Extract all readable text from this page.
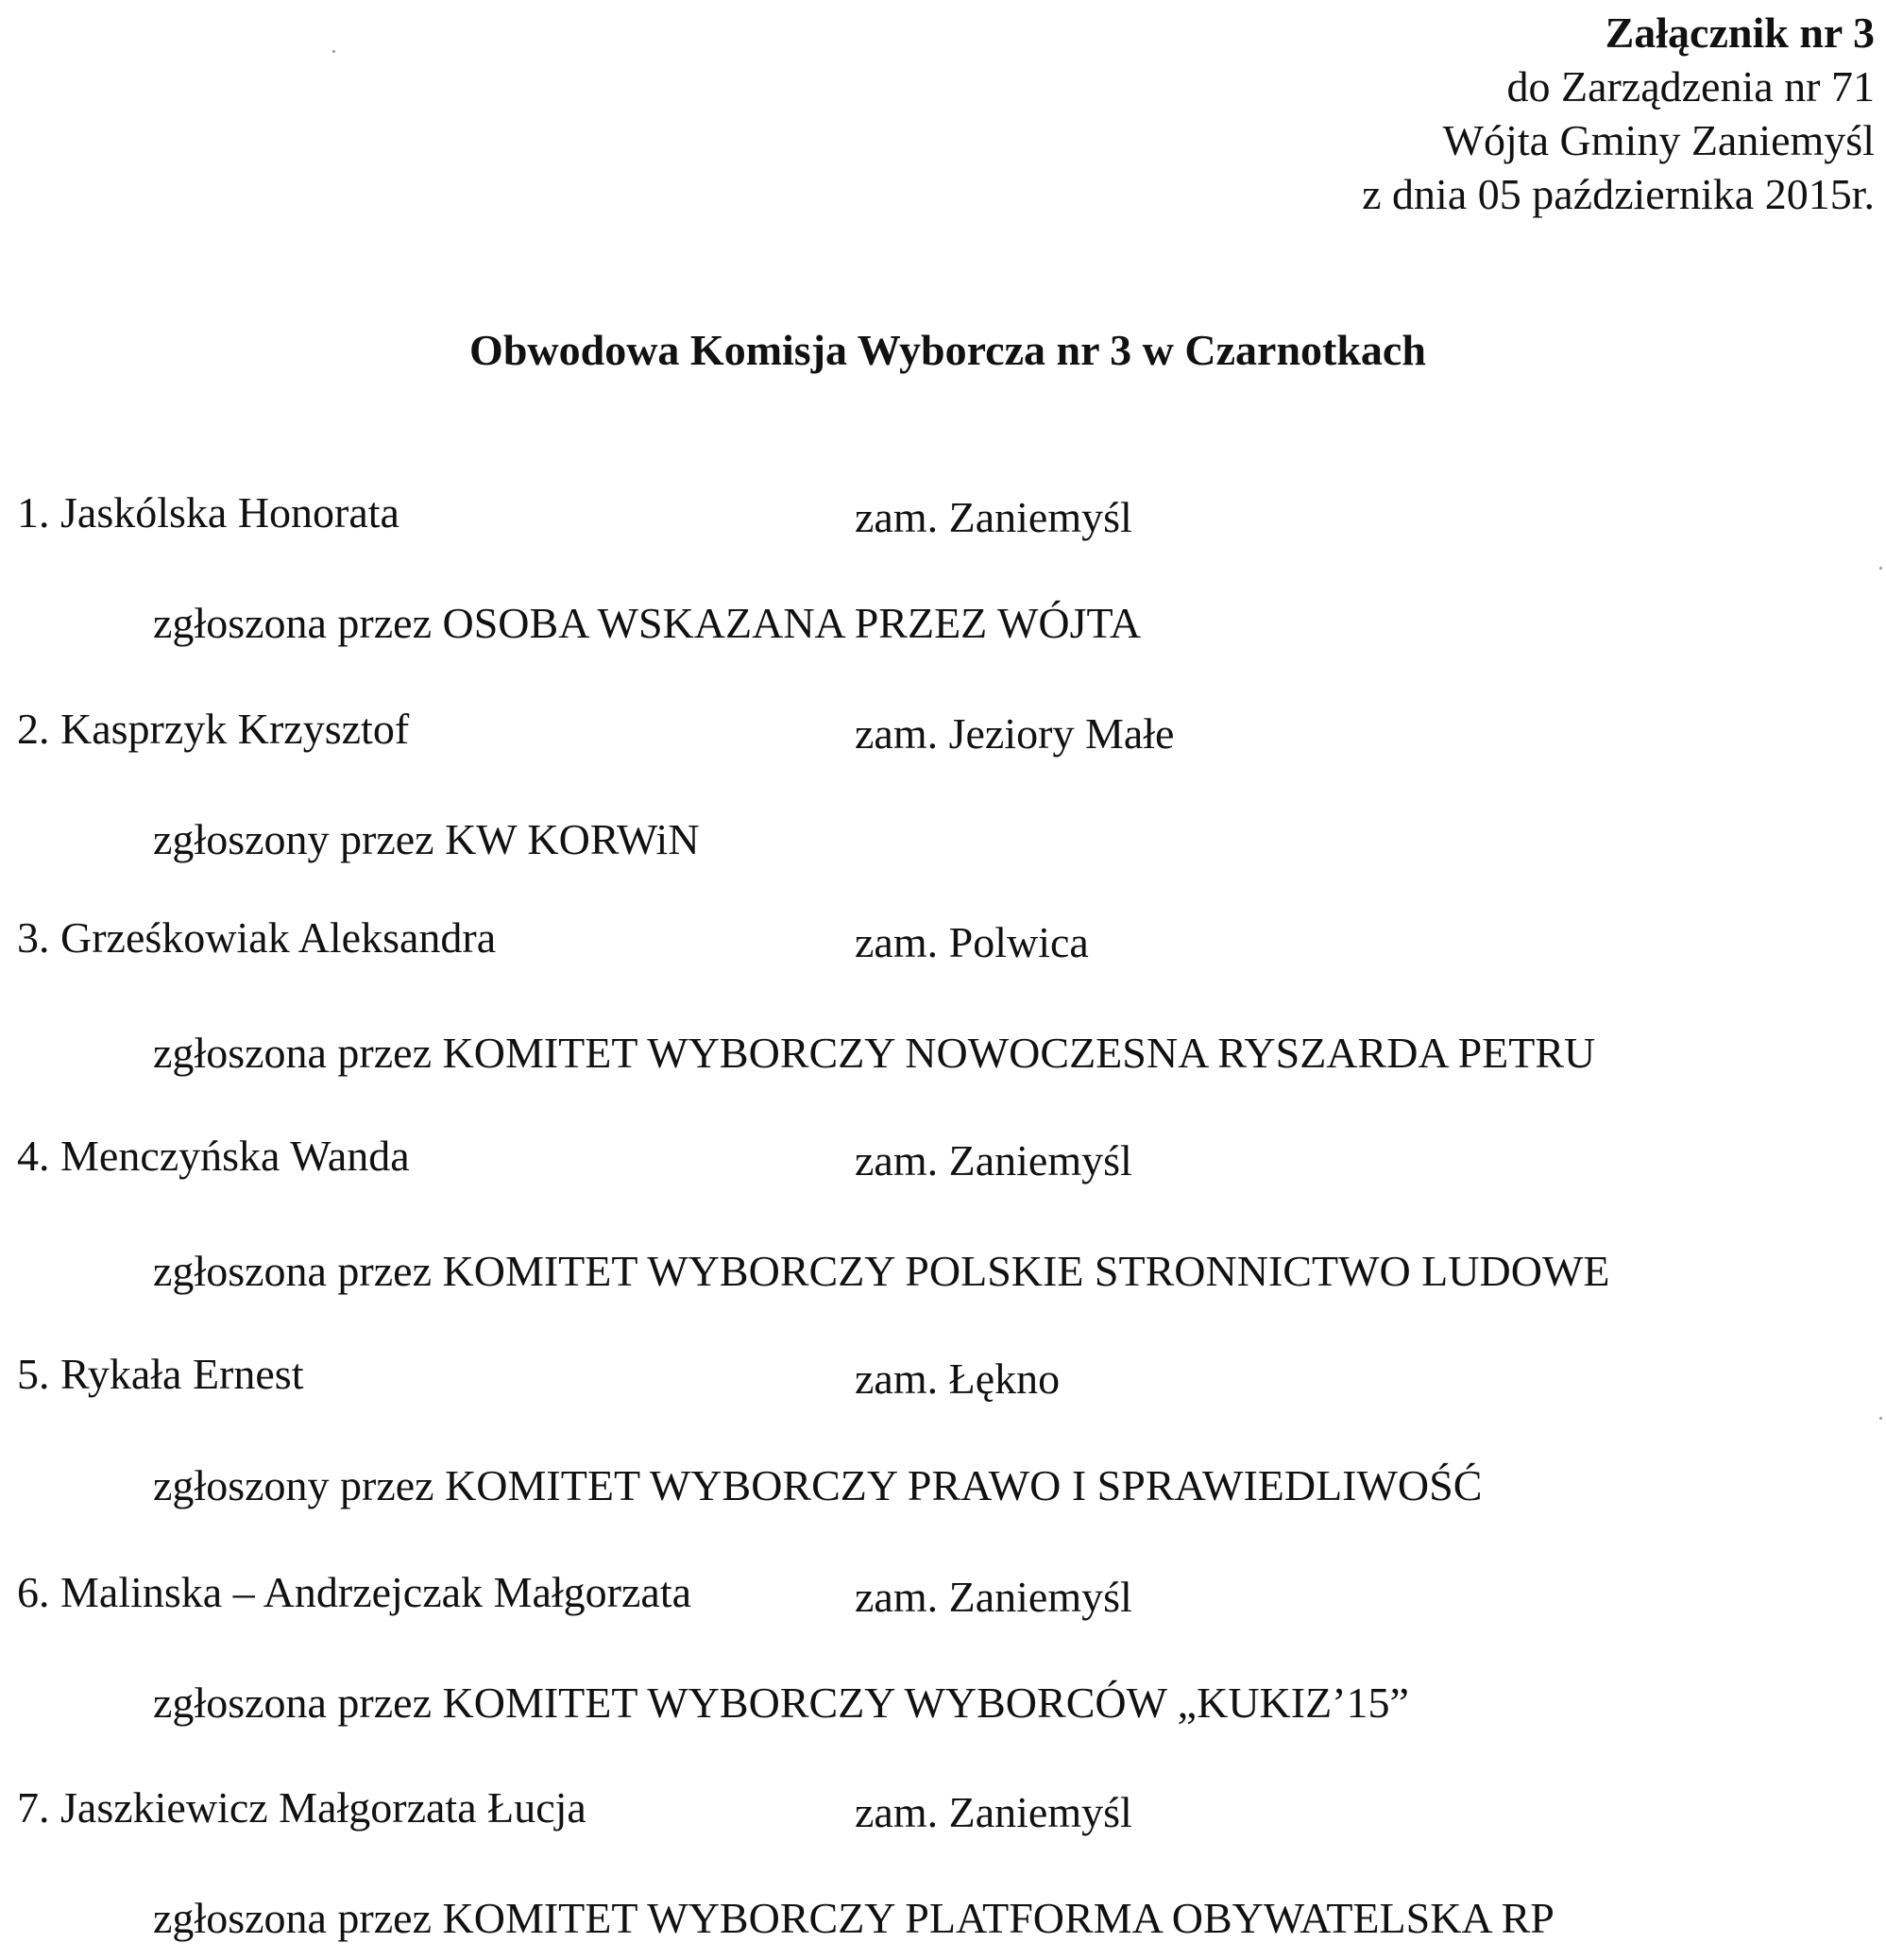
Załącznik nr 3
do Zarządzenia nr 71
Wójta Gminy Zaniemyśl
z dnia 05 października 2015r.
Obwodowa Komisja Wyborcza nr 3 w Czarnotkach
1. Jaskólska Honorata	zam. Zaniemyśl
zgłoszona przez OSOBA WSKAZANA PRZEZ WÓJTA
2. Kasprzyk Krzysztof	zam. Jeziory Małe
zgłoszony przez KW KORWiN
3. Grześkowiak Aleksandra	zam. Polwica
zgłoszona przez KOMITET WYBORCZY NOWOCZESNA RYSZARDA PETRU
4. Menczyńska Wanda	zam. Zaniemyśl
zgłoszona przez KOMITET WYBORCZY POLSKIE STRONNICTWO LUDOWE
5. Rykała Ernest	zam. Łękno
zgłoszony przez KOMITET WYBORCZY PRAWO I SPRAWIEDLIWOŚĆ
6. Malinska – Andrzejczak Małgorzata	zam. Zaniemyśl
zgłoszona przez KOMITET WYBORCZY WYBORCÓW „KUKIZ’15”
7. Jaszkiewicz Małgorzata Łucja	zam. Zaniemyśl
zgłoszona przez KOMITET WYBORCZY PLATFORMA OBYWATELSKA RP
